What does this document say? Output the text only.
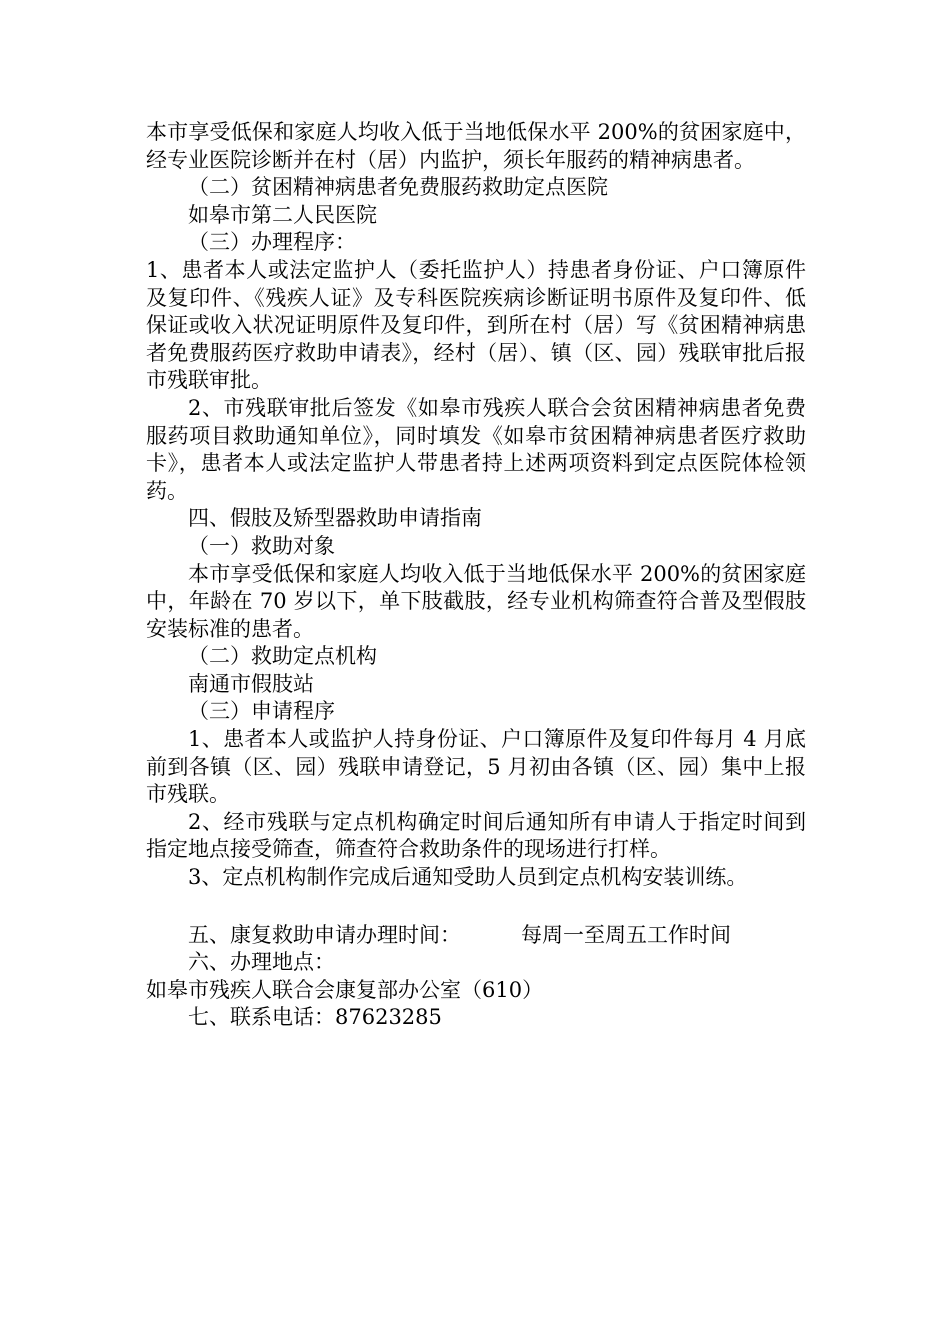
本市享受低保和家庭人均收入低于当地低保水平 200%的贫困家庭中，经专业医院诊断并在村（居）内监护，须长年服药的精神病患者。

（二）贫困精神病患者免费服药救助定点医院

如皋市第二人民医院

（三）办理程序：

1、患者本人或法定监护人（委托监护人）持患者身份证、户口簿原件及复印件、《残疾人证》及专科医院疾病诊断证明书原件及复印件、低保证或收入状况证明原件及复印件，到所在村（居）写《贫困精神病患者免费服药医疗救助申请表》，经村（居）、镇（区、园）残联审批后报市残联审批。

2、市残联审批后签发《如皋市残疾人联合会贫困精神病患者免费服药项目救助通知单位》，同时填发《如皋市贫困精神病患者医疗救助卡》，患者本人或法定监护人带患者持上述两项资料到定点医院体检领药。

四、假肢及矫型器救助申请指南

（一）救助对象

本市享受低保和家庭人均收入低于当地低保水平 200%的贫困家庭中，年龄在 70 岁以下，单下肢截肢，经专业机构筛查符合普及型假肢安装标准的患者。

（二）救助定点机构

南通市假肢站

（三）申请程序

1、患者本人或监护人持身份证、户口簿原件及复印件每月 4 月底前到各镇（区、园）残联申请登记，5 月初由各镇（区、园）集中上报市残联。

2、经市残联与定点机构确定时间后通知所有申请人于指定时间到指定地点接受筛查，筛查符合救助条件的现场进行打样。

3、定点机构制作完成后通知受助人员到定点机构安装训练。

五、康复救助申请办理时间：	每周一至周五工作时间

六、办理地点：

如皋市残疾人联合会康复部办公室（610）

七、联系电话：87623285
